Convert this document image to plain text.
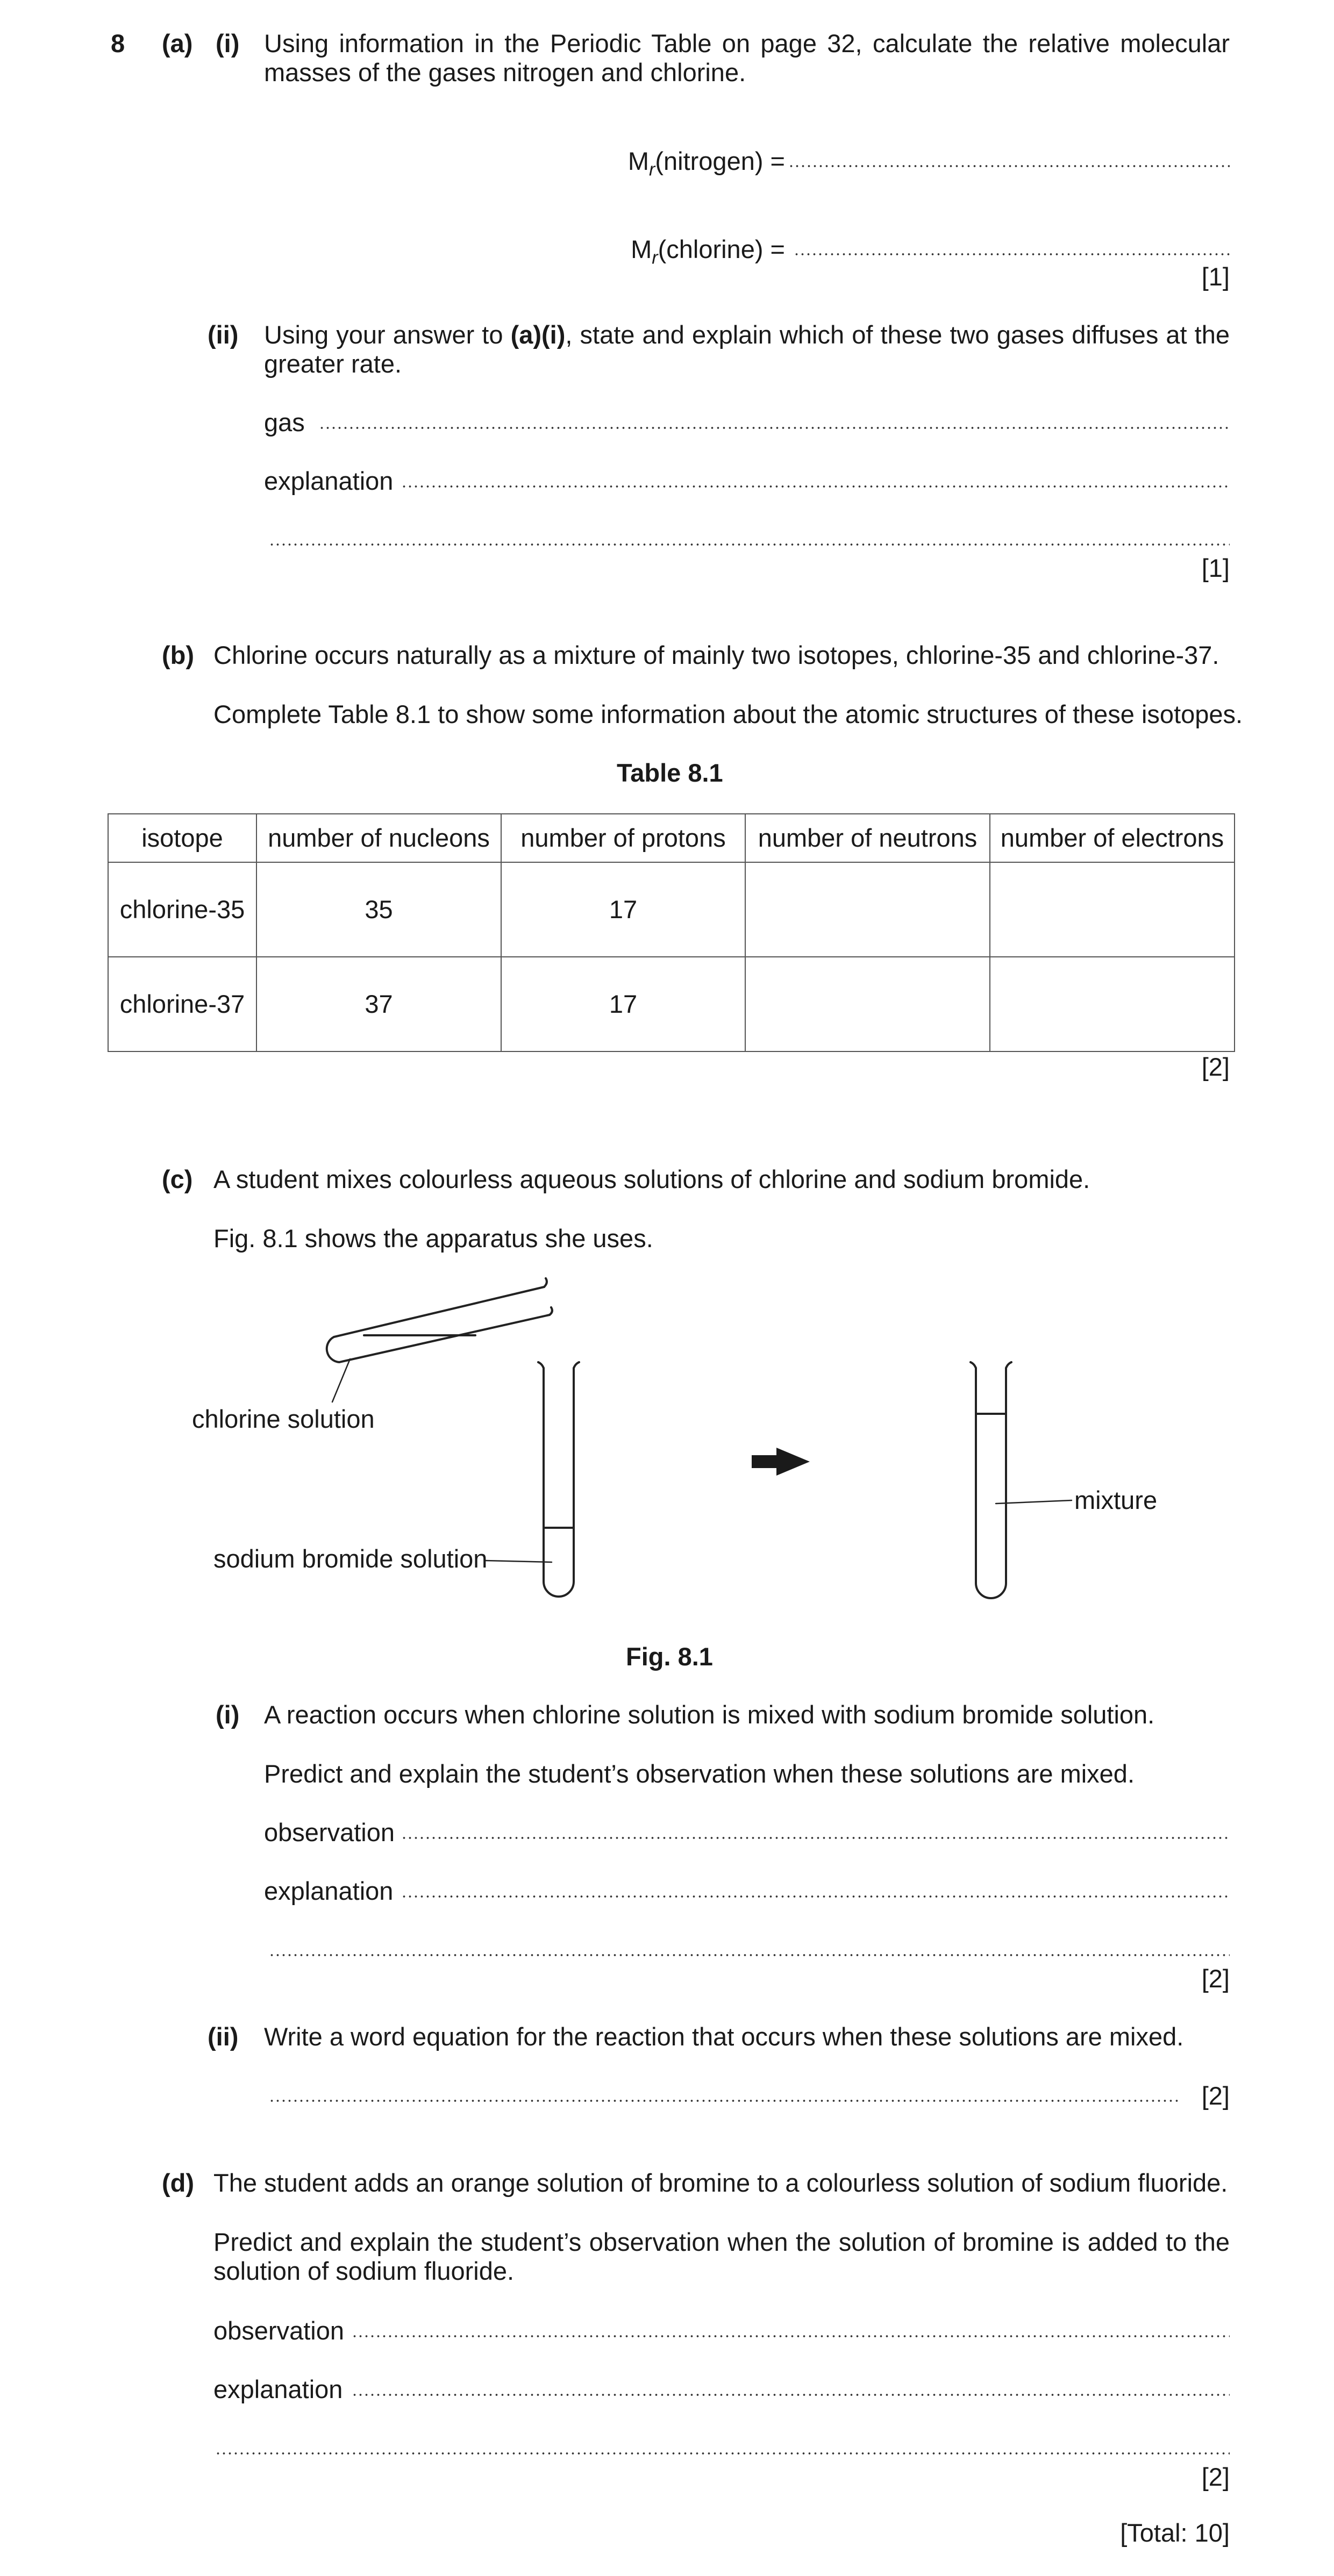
8 (a) (i) Using information in the Periodic Table on page 32, calculate the relative molecular masses of the gases nitrogen and chlorine.
$M_r(nitrogen)$ =
$M_r(chlorine)$ =
[1]
(ii) Using your answer to (a)(i), state and explain which of these two gases diffuses at the greater rate.
gas
explanation
[1]
(b) Chlorine occurs naturally as a mixture of mainly two isotopes, chlorine-35 and chlorine-37.
Complete Table 8.1 to show some information about the atomic structures of these isotopes.
Table 8.1
isotope	number of nucleons	number of protons	number of neutrons	number of electrons
chlorine-35	35	17		
chlorine-37	37	17		
[2]
(c) A student mixes colourless aqueous solutions of chlorine and sodium bromide.
Fig. 8.1 shows the apparatus she uses.
chlorine solution
sodium bromide solution
mixture
Fig. 8.1
(i) A reaction occurs when chlorine solution is mixed with sodium bromide solution.
Predict and explain the student’s observation when these solutions are mixed.
observation
explanation
[2]
(ii) Write a word equation for the reaction that occurs when these solutions are mixed.
[2]
(d) The student adds an orange solution of bromine to a colourless solution of sodium fluoride.
Predict and explain the student’s observation when the solution of bromine is added to the solution of sodium fluoride.
observation
explanation
[2]
[Total: 10]
